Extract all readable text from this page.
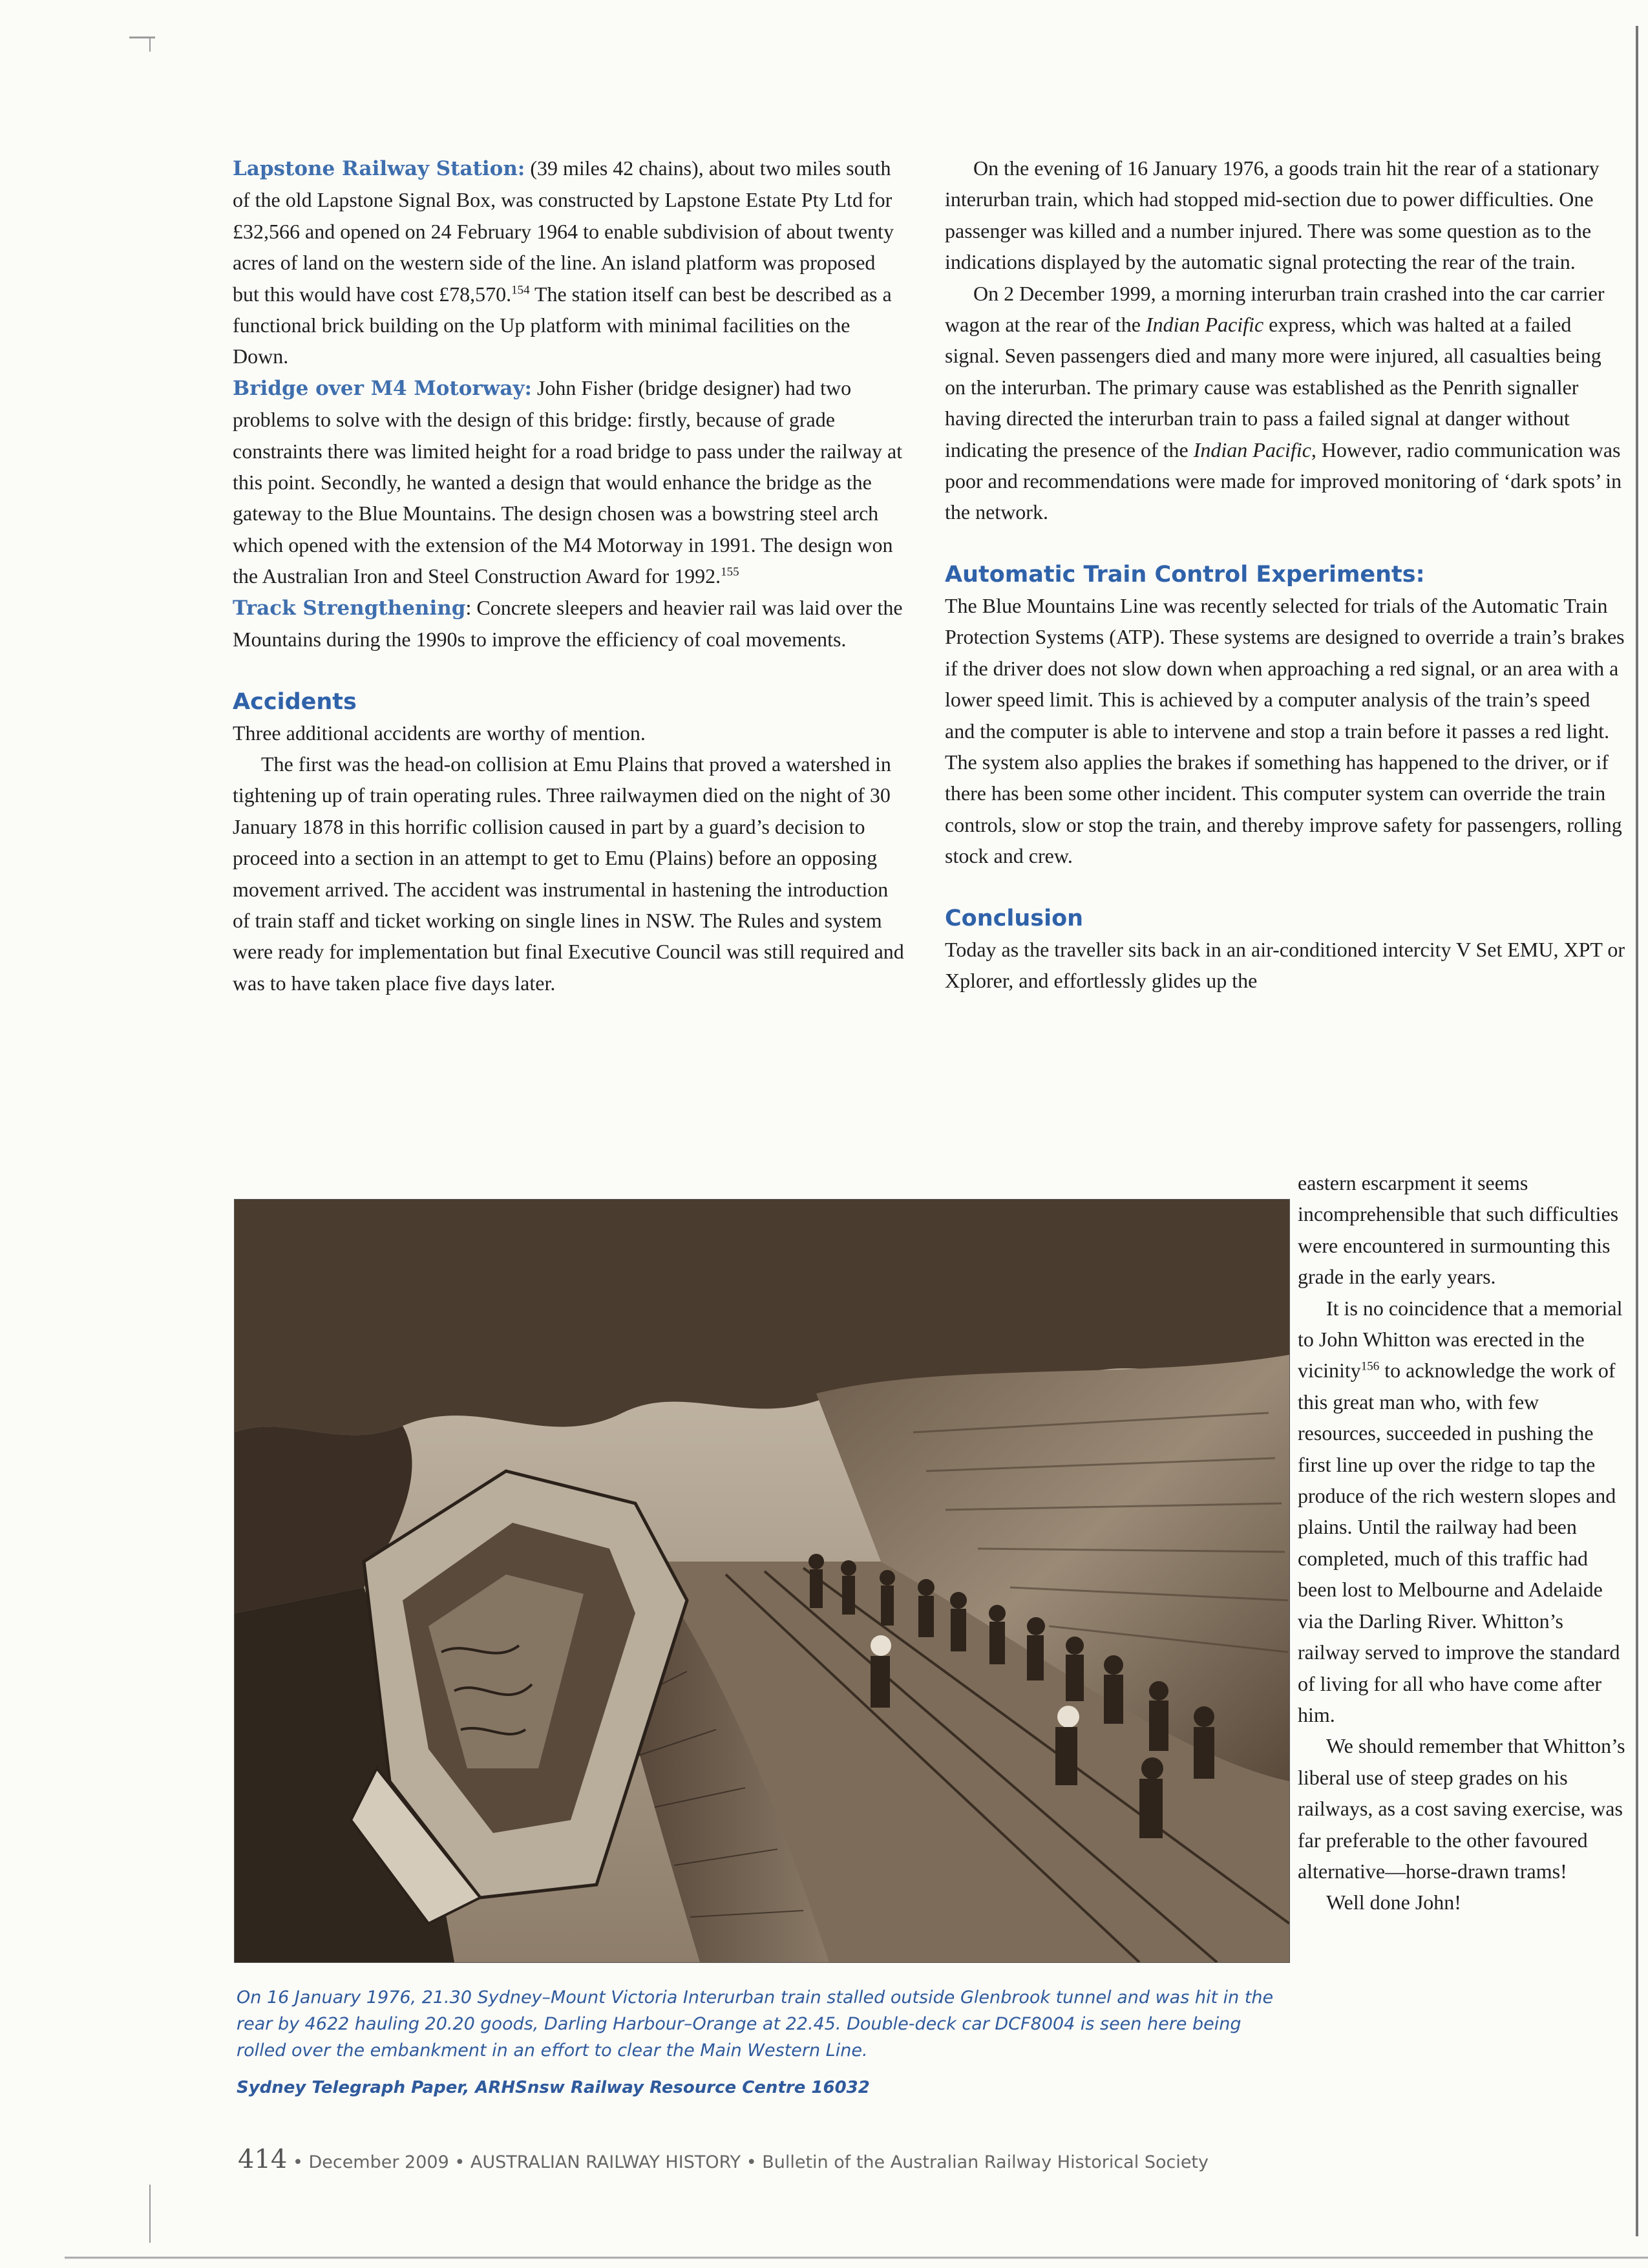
Lapstone Railway Station: (39 miles 42 chains), about two miles south of the old Lapstone Signal Box, was constructed by Lapstone Estate Pty Ltd for £32,566 and opened on 24 February 1964 to enable subdivision of about twenty acres of land on the western side of the line. An island platform was proposed but this would have cost £78,570.$^{154}$ The station itself can best be described as a functional brick building on the Up platform with minimal facilities on the Down.

Bridge over M4 Motorway: John Fisher (bridge designer) had two problems to solve with the design of this bridge: firstly, because of grade constraints there was limited height for a road bridge to pass under the railway at this point. Secondly, he wanted a design that would enhance the bridge as the gateway to the Blue Mountains. The design chosen was a bowstring steel arch which opened with the extension of the M4 Motorway in 1991. The design won the Australian Iron and Steel Construction Award for 1992.$^{155}$

Track Strengthening: Concrete sleepers and heavier rail was laid over the Mountains during the 1990s to improve the efficiency of coal movements.

Accidents

Three additional accidents are worthy of mention.

The first was the head-on collision at Emu Plains that proved a watershed in tightening up of train operating rules. Three railwaymen died on the night of 30 January 1878 in this horrific collision caused in part by a guard’s decision to proceed into a section in an attempt to get to Emu (Plains) before an opposing movement arrived. The accident was instrumental in hastening the introduction of train staff and ticket working on single lines in NSW. The Rules and system were ready for implementation but final Executive Council was still required and was to have taken place five days later.

On the evening of 16 January 1976, a goods train hit the rear of a stationary interurban train, which had stopped mid-section due to power difficulties. One passenger was killed and a number injured. There was some question as to the indications displayed by the automatic signal protecting the rear of the train.

On 2 December 1999, a morning interurban train crashed into the car carrier wagon at the rear of the Indian Pacific express, which was halted at a failed signal. Seven passengers died and many more were injured, all casualties being on the interurban. The primary cause was established as the Penrith signaller having directed the interurban train to pass a failed signal at danger without indicating the presence of the Indian Pacific, However, radio communication was poor and recommendations were made for improved monitoring of ‘dark spots’ in the network.

Automatic Train Control Experiments:

The Blue Mountains Line was recently selected for trials of the Automatic Train Protection Systems (ATP). These systems are designed to override a train’s brakes if the driver does not slow down when approaching a red signal, or an area with a lower speed limit. This is achieved by a computer analysis of the train’s speed and the computer is able to intervene and stop a train before it passes a red light. The system also applies the brakes if something has happened to the driver, or if there has been some other incident. This computer system can override the train controls, slow or stop the train, and thereby improve safety for passengers, rolling stock and crew.

Conclusion

Today as the traveller sits back in an air-conditioned intercity V Set EMU, XPT or Xplorer, and effortlessly glides up the

eastern escarpment it seems incomprehensible that such difficulties were encountered in surmounting this grade in the early years.

It is no coincidence that a memorial to John Whitton was erected in the vicinity$^{156}$ to acknowledge the work of this great man who, with few resources, succeeded in pushing the first line up over the ridge to tap the produce of the rich western slopes and plains. Until the railway had been completed, much of this traffic had been lost to Melbourne and Adelaide via the Darling River. Whitton’s railway served to improve the standard of living for all who have come after him.

We should remember that Whitton’s liberal use of steep grades on his railways, as a cost saving exercise, was far preferable to the other favoured alternative—horse-drawn trams!

Well done John!

On 16 January 1976, 21.30 Sydney–Mount Victoria Interurban train stalled outside Glenbrook tunnel and was hit in the rear by 4622 hauling 20.20 goods, Darling Harbour–Orange at 22.45. Double-deck car DCF8004 is seen here being rolled over the embankment in an effort to clear the Main Western Line.

Sydney Telegraph Paper, ARHSnsw Railway Resource Centre 16032
414 • December 2009 • AUSTRALIAN RAILWAY HISTORY • Bulletin of the Australian Railway Historical Society
